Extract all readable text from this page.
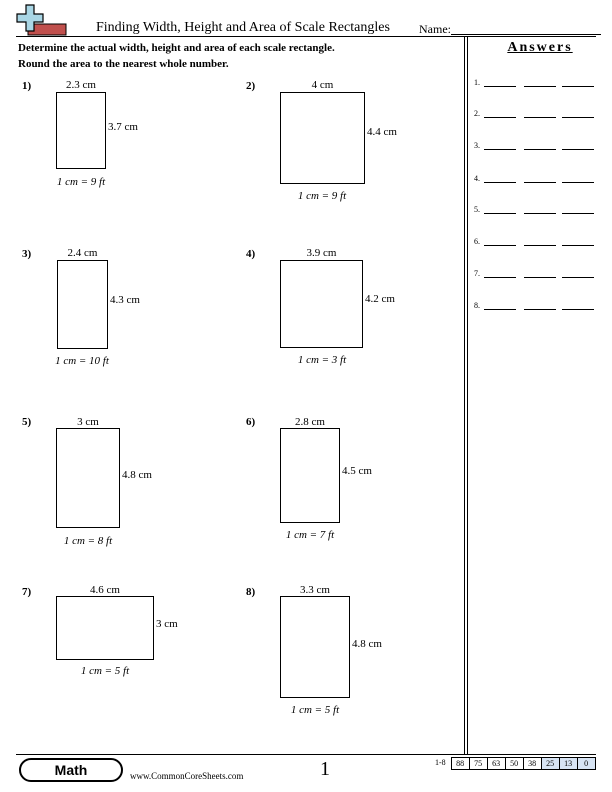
Finding Width, Height and Area of Scale Rectangles Name:
Determine the actual width, height and area of each scale rectangle.
Round the area to the nearest whole number.
Answers
1.
2.
3.
4.
5.
6.
7.
8.
1)	2.3 cm
3.7 cm
1 cm = 9 ft
2)	4 cm
4.4 cm
1 cm = 9 ft
3)	2.4 cm
4.3 cm
1 cm = 10 ft
4)	3.9 cm
4.2 cm
1 cm = 3 ft
5)	3 cm
4.8 cm
1 cm = 8 ft
6)	2.8 cm
4.5 cm
1 cm = 7 ft
7)	4.6 cm
3 cm
1 cm = 5 ft
8)	3.3 cm
4.8 cm
1 cm = 5 ft
Math	www.CommonCoreSheets.com	1	1-8	88	75	63	50	38	25	13	0
